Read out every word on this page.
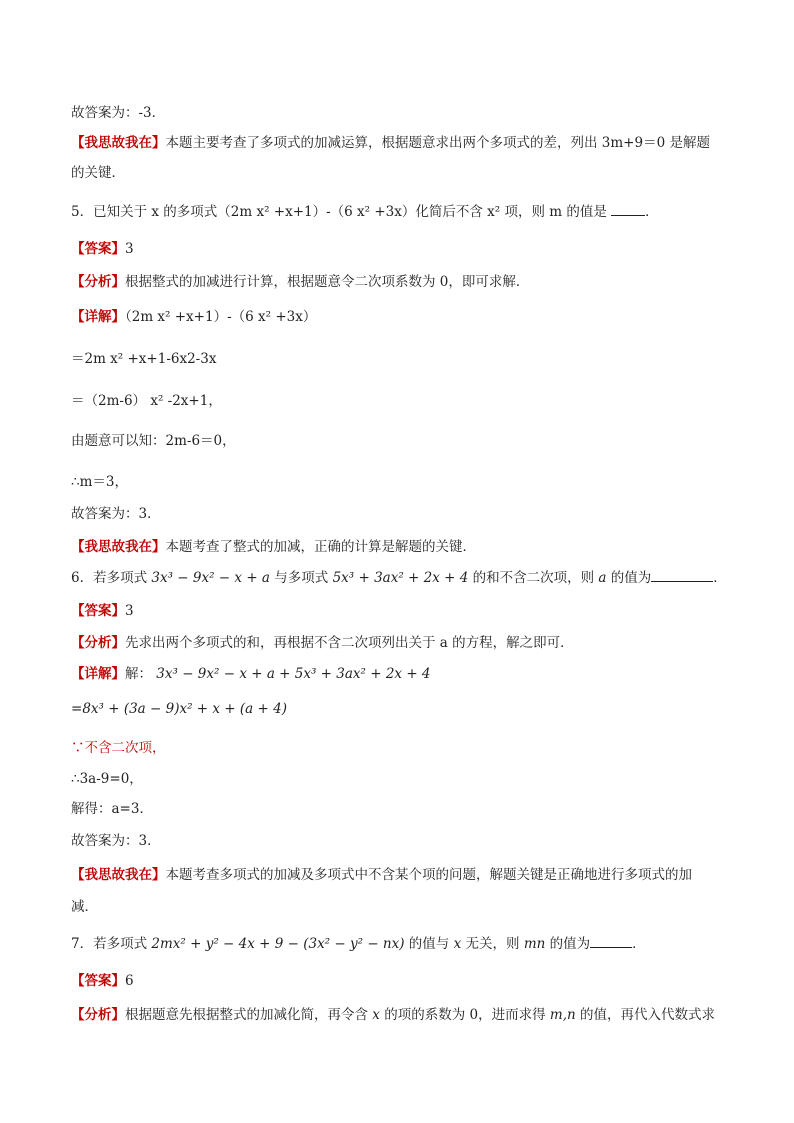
故答案为：-3．
【我思故我在】本题主要考查了多项式的加减运算，根据题意求出两个多项式的差，列出 3m+9＝0 是解题
的关键．
5．已知关于 x 的多项式（2m x² +x+1）-（6 x² +3x）化简后不含 x² 项，则 m 的值是	．
【答案】3
【分析】根据整式的加减进行计算，根据题意令二次项系数为 0，即可求解．
【详解】（2m x² +x+1）-（6 x² +3x）
＝2m x² +x+1-6x2-3x
＝（2m-6） x² -2x+1，
由题意可以知：2m-6＝0，
∴m＝3，
故答案为：3．
【我思故我在】本题考查了整式的加减，正确的计算是解题的关键．
6．若多项式 3x³ − 9x² − x + a 与多项式 5x³ + 3ax² + 2x + 4 的和不含二次项，则 a 的值为	．
【答案】3
【分析】先求出两个多项式的和，再根据不含二次项列出关于 a 的方程，解之即可．
【详解】解： 3x³ − 9x² − x + a + 5x³ + 3ax² + 2x + 4
=8x³ + (3a − 9)x² + x + (a + 4)
∵不含二次项，
∴3a-9=0，
解得：a=3．
故答案为：3．
【我思故我在】本题考查多项式的加减及多项式中不含某个项的问题，解题关键是正确地进行多项式的加
减．
7．若多项式 2mx² + y² − 4x + 9 − (3x² − y² − nx) 的值与 x 无关，则 mn 的值为	．
【答案】6
【分析】根据题意先根据整式的加减化简，再令含 x 的项的系数为 0，进而求得 m,n 的值，再代入代数式求
